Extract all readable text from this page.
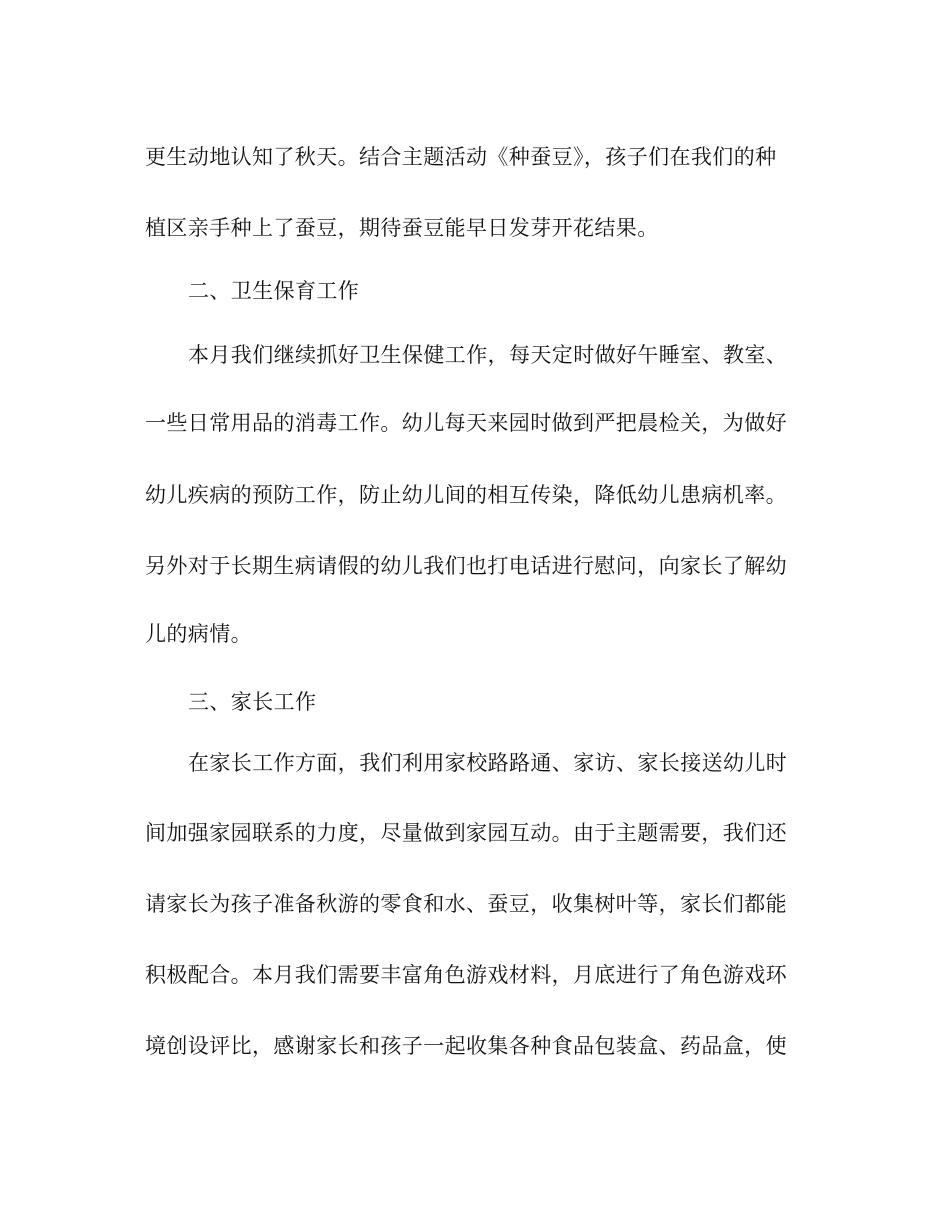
更生动地认知了秋天。结合主题活动《种蚕豆》，孩子们在我们的种

植区亲手种上了蚕豆，期待蚕豆能早日发芽开花结果。

二、卫生保育工作

本月我们继续抓好卫生保健工作，每天定时做好午睡室、教室、

一些日常用品的消毒工作。幼儿每天来园时做到严把晨检关，为做好

幼儿疾病的预防工作，防止幼儿间的相互传染，降低幼儿患病机率。

另外对于长期生病请假的幼儿我们也打电话进行慰问，向家长了解幼

儿的病情。

三、家长工作

在家长工作方面，我们利用家校路路通、家访、家长接送幼儿时

间加强家园联系的力度，尽量做到家园互动。由于主题需要，我们还

请家长为孩子准备秋游的零食和水、蚕豆，收集树叶等，家长们都能

积极配合。本月我们需要丰富角色游戏材料，月底进行了角色游戏环

境创设评比，感谢家长和孩子一起收集各种食品包装盒、药品盒，使
